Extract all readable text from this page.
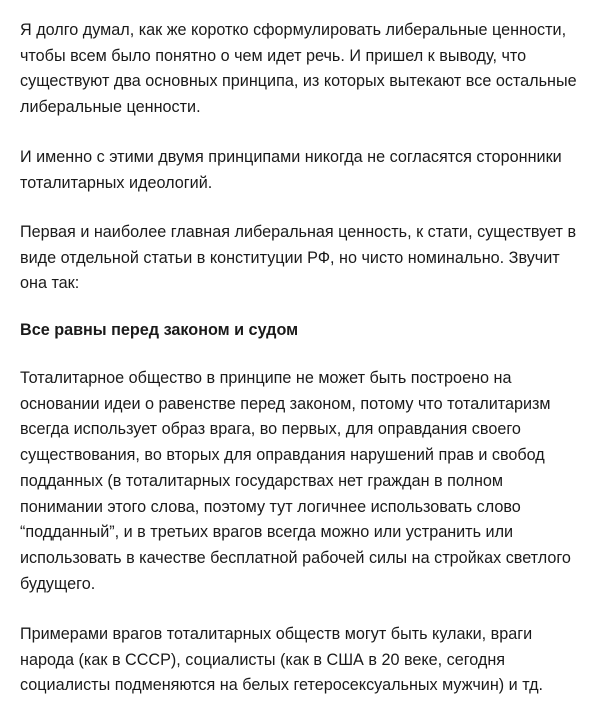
Я долго думал, как же коротко сформулировать либеральные ценности,
чтобы всем было понятно о чем идет речь. И пришел к выводу, что
существуют два основных принципа, из которых вытекают все остальные
либеральные ценности.

И именно с этими двумя принципами никогда не согласятся сторонники
тоталитарных идеологий.

Первая и наиболее главная либеральная ценность, к стати, существует в
виде отдельной статьи в конституции РФ, но чисто номинально. Звучит
она так:

Все равны перед законом и судом

Тоталитарное общество в принципе не может быть построено на
основании идеи о равенстве перед законом, потому что тоталитаризм
всегда использует образ врага, во первых, для оправдания своего
существования, во вторых для оправдания нарушений прав и свобод
подданных (в тоталитарных государствах нет граждан в полном
понимании этого слова, поэтому тут логичнее использовать слово
“подданный”, и в третьих врагов всегда можно или устранить или
использовать в качестве бесплатной рабочей силы на стройках светлого
будущего.

Примерами врагов тоталитарных обществ могут быть кулаки, враги
народа (как в СССР), социалисты (как в США в 20 веке, сегодня
социалисты подменяются на белых гетеросексуальных мужчин) и тд.
